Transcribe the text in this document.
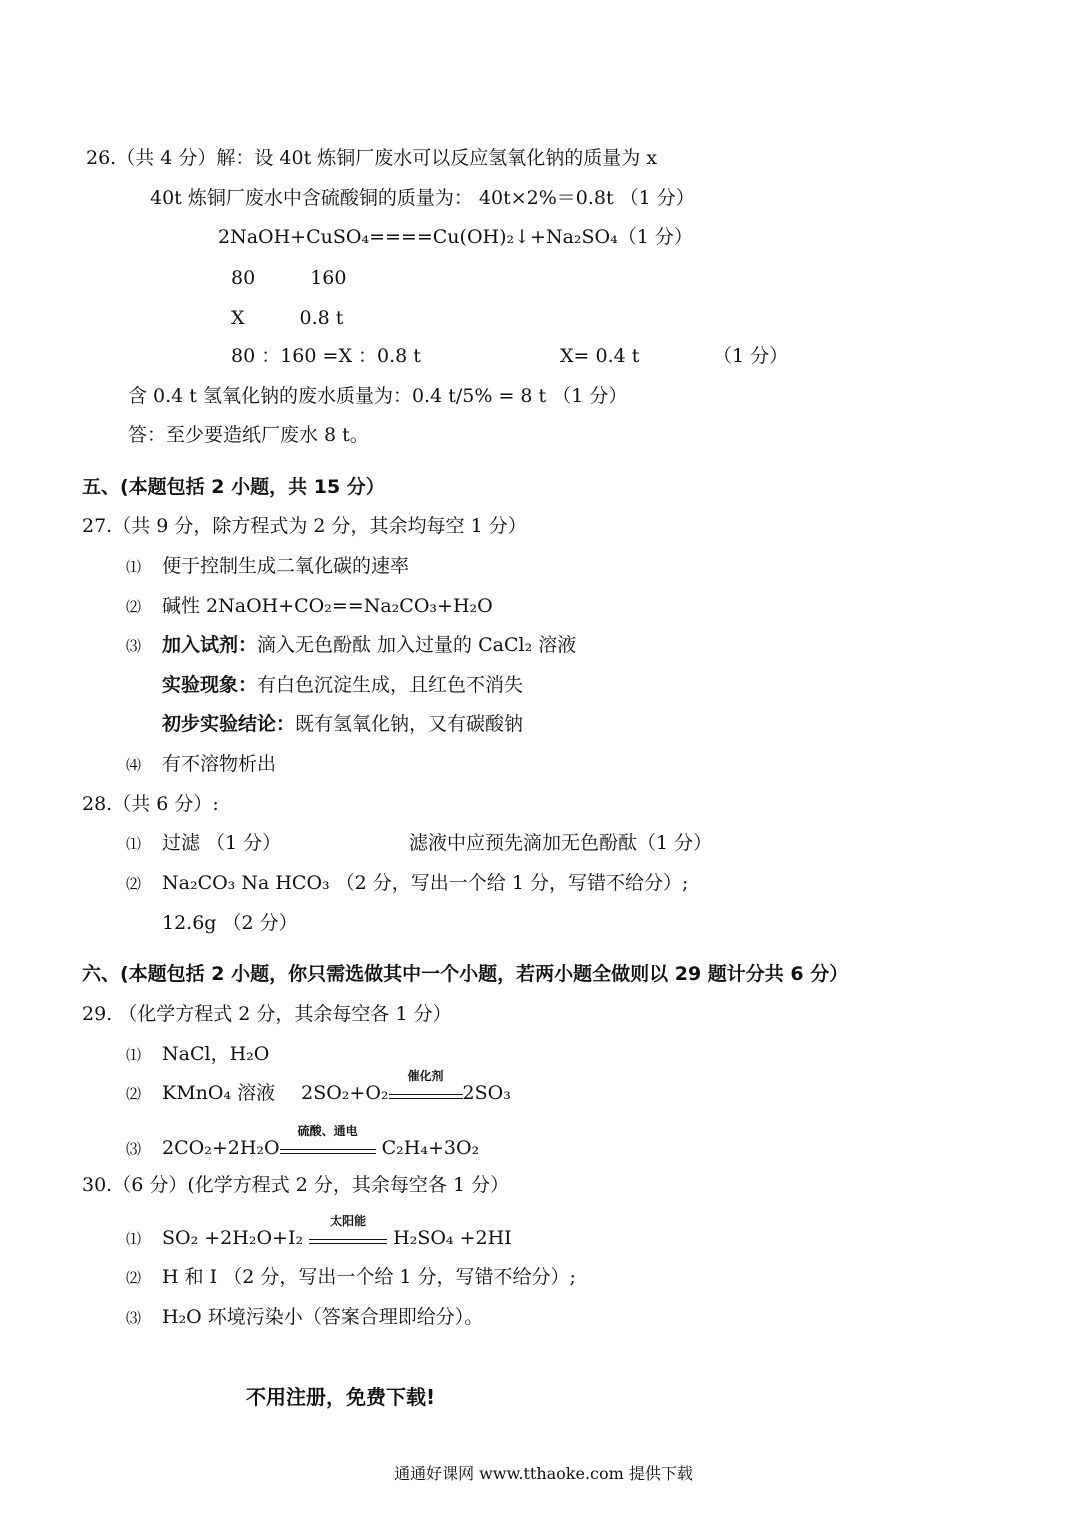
26.（共 4 分）解：设 40t 炼铜厂废水可以反应氢氧化钠的质量为 x
40t 炼铜厂废水中含硫酸铜的质量为： 40t×2%＝0.8t （1 分）
2NaOH+CuSO₄====Cu(OH)₂↓+Na₂SO₄（1 分）
80	160
X	0.8 t
80 ：160 =X ：0.8 t	X= 0.4 t	（1 分）
含 0.4 t 氢氧化钠的废水质量为：0.4 t/5% = 8 t （1 分）
答：至少要造纸厂废水 8 t。
五、(本题包括 2 小题，共 15 分）
27.（共 9 分，除方程式为 2 分，其余均每空 1 分）
⑴ 便于控制生成二氧化碳的速率
⑵ 碱性 2NaOH+CO₂==Na₂CO₃+H₂O
⑶ 加入试剂：滴入无色酚酞 加入过量的 CaCl₂ 溶液
实验现象：有白色沉淀生成，且红色不消失
初步实验结论：既有氢氧化钠，又有碳酸钠
⑷ 有不溶物析出
28.（共 6 分）:
⑴ 过滤 （1 分）	滤液中应预先滴加无色酚酞（1 分）
⑵ Na₂CO₃ Na HCO₃ （2 分，写出一个给 1 分，写错不给分）;
12.6g （2 分）
六、(本题包括 2 小题，你只需选做其中一个小题，若两小题全做则以 29 题计分共 6 分）
29. （化学方程式 2 分，其余每空各 1 分）
⑴ NaCl，H₂O
⑵ KMnO₄ 溶液 2SO₂+O₂
催化剂
2SO₃
⑶ 2CO₂+2H₂O
硫酸、通电
C₂H₄+3O₂
30.（6 分）(化学方程式 2 分，其余每空各 1 分）
⑴ SO₂ +2H₂O+I₂
太阳能
H₂SO₄ +2HI
⑵ H 和 I （2 分，写出一个给 1 分，写错不给分）;
⑶ H₂O 环境污染小（答案合理即给分）。
不用注册，免费下载!
通通好课网 www.tthaoke.com 提供下载
